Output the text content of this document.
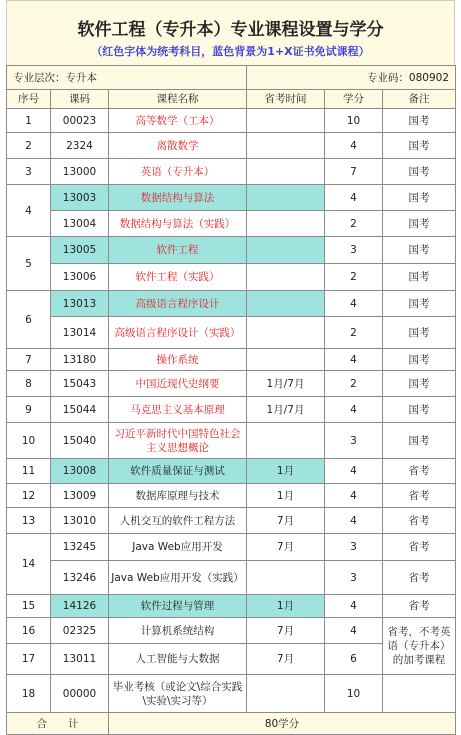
软件工程（专升本）专业课程设置与学分
（红色字体为统考科目，蓝色背景为1+X证书免试课程）
专业层次：专升本			专业码：080902		
序号	课码	课程名称	省考时间	学分	备注
1	00023	高等数学（工本）		10	国考
2	2324	离散数学		4	国考
3	13000	英语（专升本）		7	国考
4	13003	数据结构与算法		4	国考
	13004	数据结构与算法（实践）		2	国考
5	13005	软件工程		3	国考
	13006	软件工程（实践）		2	国考
6	13013	高级语言程序设计		4	国考
	13014	高级语言程序设计（实践）		2	国考
7	13180	操作系统		4	国考
8	15043	中国近现代史纲要	1月/7月	2	国考
9	15044	马克思主义基本原理	1月/7月	4	国考
10	15040	习近平新时代中国特色社会主义思想概论		3	国考
11	13008	软件质量保证与测试	1月	4	省考
12	13009	数据库原理与技术	1月	4	省考
13	13010	人机交互的软件工程方法	7月	4	省考
14	13245	Java Web应用开发	7月	3	省考
	13246	Java Web应用开发（实践）		3	省考
15	14126	软件过程与管理	1月	4	省考
16	02325	计算机系统结构	7月	4	省考，不考英语（专升本）的加考课程
17	13011	人工智能与大数据	7月	6	
18	00000	毕业考核（或论文\综合实践\实验\实习等）		10	
合　　计		80学分			
